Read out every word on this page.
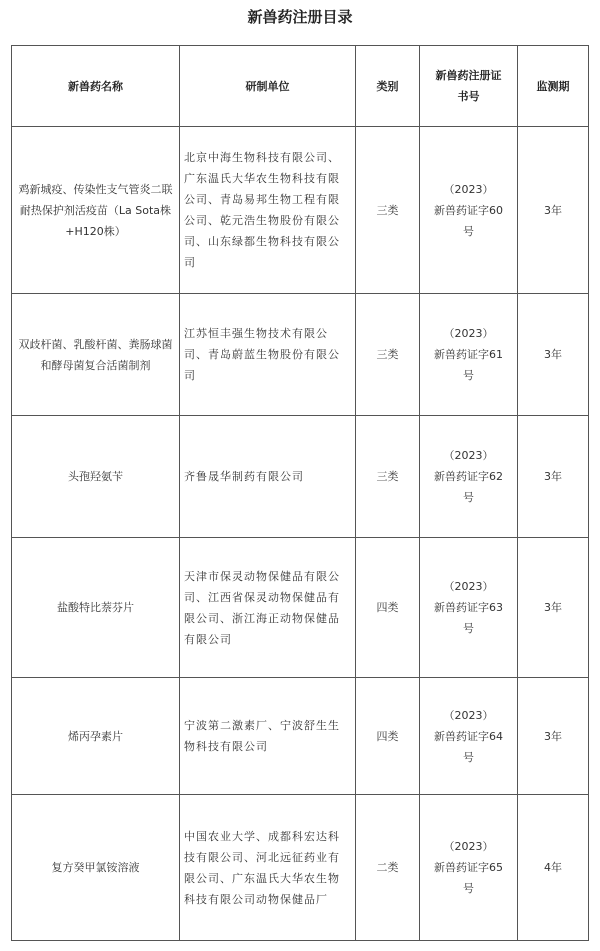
新兽药注册目录
新兽药名称	研制单位	类别	新兽药注册证书号	监测期
鸡新城疫、传染性支气管炎二联耐热保护剂活疫苗（La Sota株+H120株）	北京中海生物科技有限公司、广东温氏大华农生物科技有限公司、青岛易邦生物工程有限公司、乾元浩生物股份有限公司、山东绿都生物科技有限公司	三类	（2023）
新兽药证字60
号	3年
双歧杆菌、乳酸杆菌、粪肠球菌和酵母菌复合活菌制剂	江苏恒丰强生物技术有限公司、青岛蔚蓝生物股份有限公司	三类	（2023）
新兽药证字61
号	3年
头孢羟氨苄	齐鲁晟华制药有限公司	三类	（2023）
新兽药证字62
号	3年
盐酸特比萘芬片	天津市保灵动物保健品有限公司、江西省保灵动物保健品有限公司、浙江海正动物保健品有限公司	四类	（2023）
新兽药证字63
号	3年
烯丙孕素片	宁波第二激素厂、宁波舒生生物科技有限公司	四类	（2023）
新兽药证字64
号	3年
复方癸甲氯铵溶液	中国农业大学、成都科宏达科技有限公司、河北远征药业有限公司、广东温氏大华农生物科技有限公司动物保健品厂	二类	（2023）
新兽药证字65
号	4年
